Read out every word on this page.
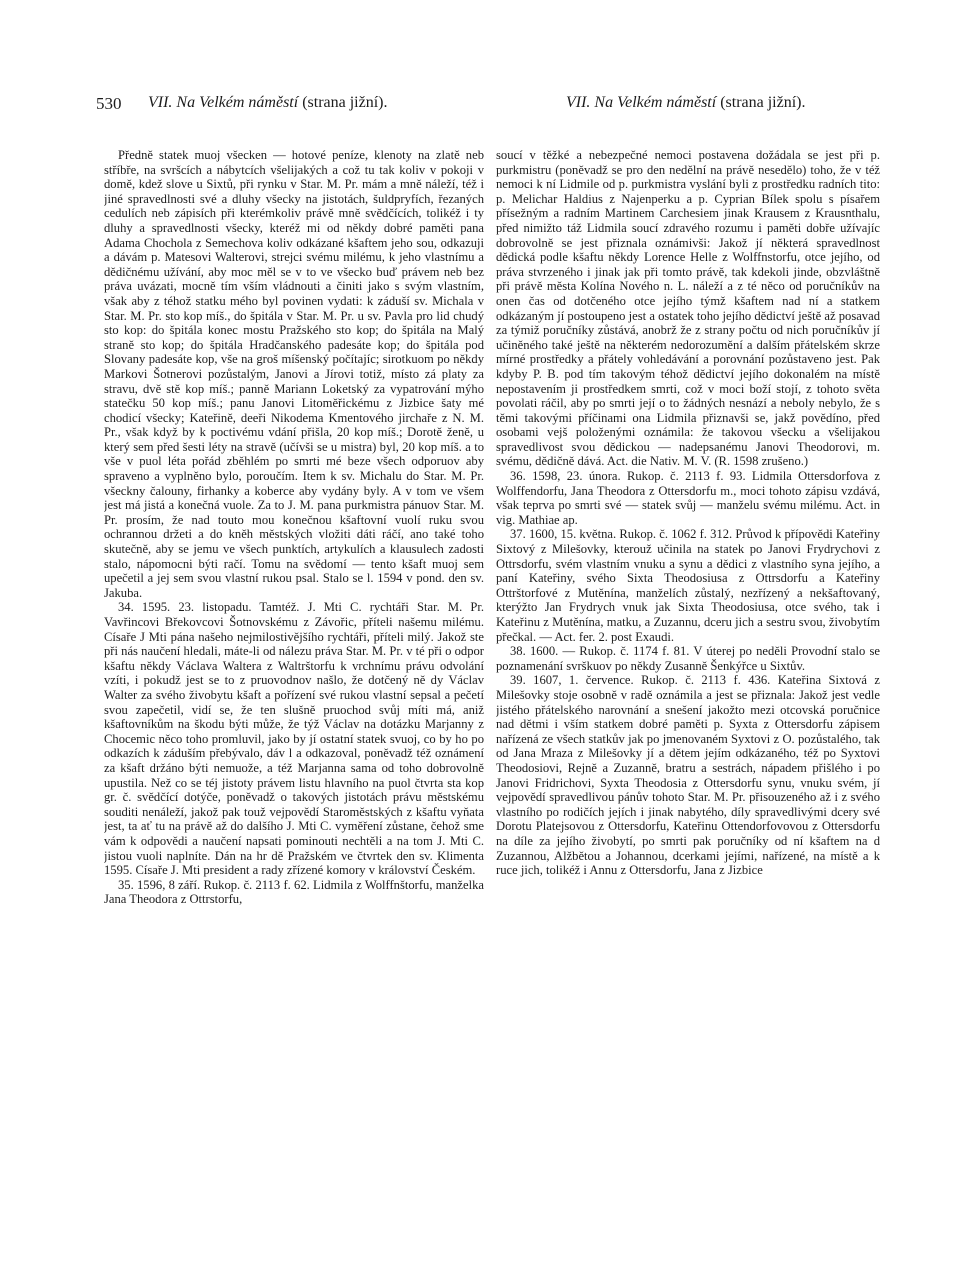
530 VII. Na Velkém náměstí (strana jižní).	VII. Na Velkém náměstí (strana jižní).

Předně statek muoj všecken — hotové peníze, klenoty na zlatě neb stříbře, na svršcích a nábytcích všelijakých a což tu tak koliv v pokoji v domě, kdež slove u Sixtů, při rynku v Star. M. Pr. mám a mně náleží, též i jiné spravedlnosti své a dluhy všecky na jistotách, šuldpryfích, řezaných cedulích neb zápisích při kterémkoliv právě mně svědčících, tolikéž i ty dluhy a spravedlnosti všecky, kteréž mi od někdy dobré paměti pana Adama Chochola z Semechova koliv odkázané kšaftem jeho sou, odkazuji a dávám p. Matesovi Walterovi, strejci svému milému, k jeho vlastnímu a dědičnému užívání, aby moc měl se v to ve všecko buď právem neb bez práva uvázati, mocně tím vším vládnouti a činiti jako s svým vlastním, však aby z téhož statku mého byl povinen vydati: k záduší sv. Michala v Star. M. Pr. sto kop míš., do špitála v Star. M. Pr. u sv. Pavla pro lid chudý sto kop: do špitála konec mostu Pražského sto kop; do špitála na Malý straně sto kop; do špitála Hradčanského padesáte kop; do špitála pod Slovany padesáte kop, vše na groš míšenský počítajíc; sirotkuom po někdy Markovi Šotnerovi pozůstalým, Janovi a Jírovi totiž, místo zá platy za stravu, dvě stě kop míš.; panně Mariann Loketský za vypatrování mýho statečku 50 kop míš.; panu Janovi Litoměřickému z Jizbice šaty mé chodicí všecky; Kateřině, deeři Nikodema Kmentového jirchaře z N. M. Pr., však když by k poctivému vdání přišla, 20 kop míš.; Dorotě ženě, u který sem před šesti léty na stravě (učívši se u mistra) byl, 20 kop míš. a to vše v puol léta pořád zběhlém po smrti mé beze všech odporuov aby spraveno a vyplněno bylo, poroučím. Item k sv. Michalu do Star. M. Pr. všeckny čalouny, firhanky a koberce aby vydány byly. A v tom ve všem jest má jistá a konečná vuole. Za to J. M. pana purkmistra pánuov Star. M. Pr. prosím, že nad touto mou konečnou kšaftovní vuolí ruku svou ochrannou držeti a do kněh městských vložiti dáti ráčí, ano také toho skutečně, aby se jemu ve všech punktích, artykulích a klausulech zadosti stalo, nápomocni býti račí. Tomu na svědomí — tento kšaft muoj sem upečetil a jej sem svou vlastní rukou psal. Stalo se l. 1594 v pond. den sv. Jakuba.

34. 1595. 23. listopadu. Tamtéž. J. Mti C. rychtáři Star. M. Pr. Vavřincovi Břekovcovi Šotnovskému z Závořic, příteli našemu milému. Císaře J Mti pána našeho nejmilostivějšího rychtáři, příteli milý. Jakož ste při nás naučení hledali, máte-li od nálezu práva Star. M. Pr. v té při o odpor kšaftu někdy Václava Waltera z Waltrštorfu k vrchnímu právu odvolání vzíti, i pokudž jest se to z pruovodnov našlo, že dotčený ně dy Václav Walter za svého živobytu kšaft a pořízení své rukou vlastní sepsal a pečetí svou zapečetil, vidí se, že ten slušně pruochod svůj míti má, aniž kšaftovníkům na škodu býti může, že týž Václav na dotázku Marjanny z Chocemic něco toho promluvil, jako by jí ostatní statek svuoj, co by ho po odkazích k záduším přebývalo, dáv l a odkazoval, poněvadž též oznámení za kšaft držáno býti nemuože, a též Marjanna sama od toho dobrovolně upustila. Než co se téj jistoty právem listu hlavního na puol čtvrta sta kop gr. č. svědčící dotýče, poněvadž o takových jistotách právu městskému souditi nenáleží, jakož pak touž vejpovědí Staroměstských z kšaftu vyňata jest, ta ať tu na právě až do dalšího J. Mti C. vyměření zůstane, čehož sme vám k odpovědi a naučení napsati pominouti nechtěli a na tom J. Mti C. jistou vuoli naplníte. Dán na hr dě Pražském ve čtvrtek den sv. Klimenta 1595. Císaře J. Mti president a rady zřízené komory v království Českém.

35. 1596, 8 září. Rukop. č. 2113 f. 62. Lidmila z Wolffnštorfu, manželka Jana Theodora z Ottrstorfu,

soucí v těžké a nebezpečné nemoci postavena dožádala se jest při p. purkmistru (poněvadž se pro den nedělní na právě nesedělo) toho, že v též nemoci k ní Lidmile od p. purkmistra vyslání byli z prostředku radních tito: p. Melichar Haldius z Najenperku a p. Cyprian Bílek spolu s písařem přísežným a radním Martinem Carchesiem jinak Krausem z Krausnthalu, před nimižto táž Lidmila soucí zdravého rozumu i paměti dobře užívajíc dobrovolně se jest přiznala oznámivši: Jakož jí některá spravedlnost dědická podle kšaftu někdy Lorence Helle z Wolffnstorfu, otce jejího, od práva stvrzeného i jinak jak při tomto právě, tak kdekoli jinde, obzvláštně při právě města Kolína Nového n. L. náleží a z té něco od poručníkův na onen čas od dotčeného otce jejího týmž kšaftem nad ní a statkem odkázaným jí postoupeno jest a ostatek toho jejího dědictví ještě až posavad za týmiž poručníky zůstává, anobrž že z strany počtu od nich poručníkův jí učiněného také ještě na některém nedorozumění a dalším přátelském skrze mírné prostředky a přátely vohledávání a porovnání pozůstaveno jest. Pak kdyby P. B. pod tím takovým téhož dědictví jejího dokonalém na místě nepostavením ji prostředkem smrti, což v moci boží stojí, z tohoto světa povolati ráčil, aby po smrti její o to žádných nesnází a neboly nebylo, že s těmi takovými příčinami ona Lidmila přiznavši se, jakž povědíno, před osobami vejš položenými oznámila: že takovou všecku a všelijakou spravedlivost svou dědickou — nadepsanému Janovi Theodorovi, m. svému, dědičně dává. Act. die Nativ. M. V. (R. 1598 zrušeno.)

36. 1598, 23. února. Rukop. č. 2113 f. 93. Lidmila Ottersdorfova z Wolffendorfu, Jana Theodora z Ottersdorfu m., moci tohoto zápisu vzdává, však teprva po smrti své — statek svůj — manželu svému milému. Act. in vig. Mathiae ap.

37. 1600, 15. května. Rukop. č. 1062 f. 312. Průvod k přípovědi Kateřiny Sixtový z Milešovky, kterouž učinila na statek po Janovi Frydrychovi z Ottrsdorfu, svém vlastním vnuku a synu a dědici z vlastního syna jejího, a paní Kateřiny, svého Sixta Theodosiusa z Ottrsdorfu a Kateřiny Ottrštorfové z Mutěnína, manželích zůstalý, nezřízený a nekšaftovaný, kterýžto Jan Frydrych vnuk jak Sixta Theodosiusa, otce svého, tak i Kateřinu z Mutěnína, matku, a Zuzannu, dceru jich a sestru svou, živobytím přečkal. — Act. fer. 2. post Exaudi.

38. 1600. — Rukop. č. 1174 f. 81. V úterej po neděli Provodní stalo se poznamenání svrškuov po někdy Zusanně Šenkýřce u Sixtův.

39. 1607, 1. července. Rukop. č. 2113 f. 436. Kateřina Sixtová z Milešovky stoje osobně v radě oznámila a jest se přiznala: Jakož jest vedle jistého přátelského narovnání a snešení jakožto mezi otcovská poručnice nad dětmi i vším statkem dobré paměti p. Syxta z Ottersdorfu zápisem nařízená ze všech statkův jak po jmenovaném Syxtovi z O. pozůstalého, tak od Jana Mraza z Milešovky jí a dětem jejím odkázaného, též po Syxtovi Theodosiovi, Rejně a Zuzanně, bratru a sestrách, nápadem přišlého i po Janovi Fridrichovi, Syxta Theodosia z Ottersdorfu synu, vnuku svém, jí vejpovědí spravedlivou pánův tohoto Star. M. Pr. přisouzeného až i z svého vlastního po rodičích jejích i jinak nabytého, díly spravedlivými dcery své Dorotu Platejsovou z Ottersdorfu, Kateřinu Ottendorfovovou z Ottersdorfu na díle za jejího živobytí, po smrti pak poručníky od ní kšaftem na d Zuzannou, Alžbětou a Johannou, dcerkami jejími, nařízené, na místě a k ruce jich, tolikéž i Annu z Ottersdorfu, Jana z Jizbice
